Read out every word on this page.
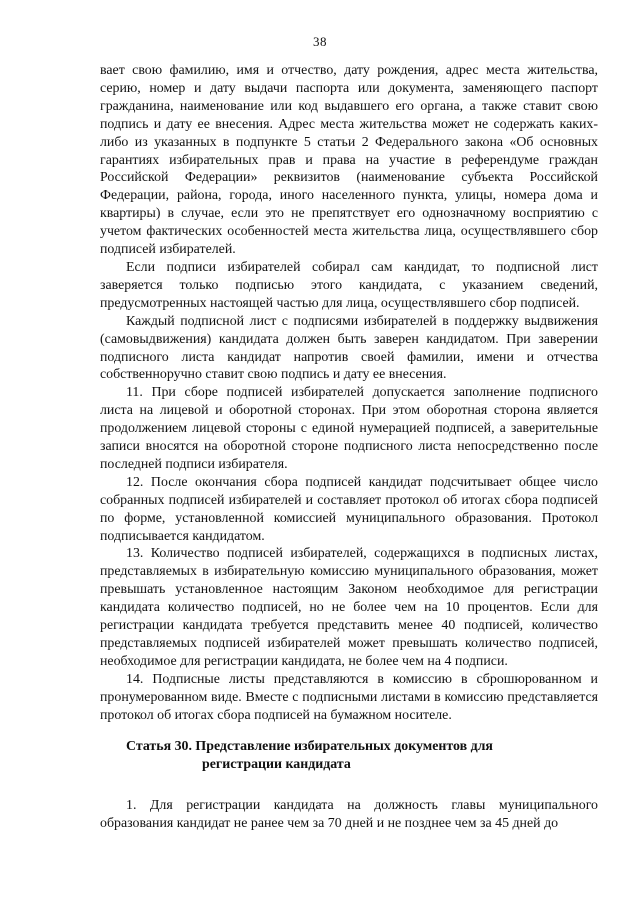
38

вает свою фамилию, имя и отчество, дату рождения, адрес места жительства, серию, номер и дату выдачи паспорта или документа, заменяющего паспорт гражданина, наименование или код выдавшего его органа, а также ставит свою подпись и дату ее внесения. Адрес места жительства может не содержать каких-либо из указанных в подпункте 5 статьи 2 Федерального закона «Об основных гарантиях избирательных прав и права на участие в референдуме граждан Российской Федерации» реквизитов (наименование субъекта Российской Федерации, района, города, иного населенного пункта, улицы, номера дома и квартиры) в случае, если это не препятствует его однозначному восприятию с учетом фактических особенностей места жительства лица, осуществлявшего сбор подписей избирателей.

Если подписи избирателей собирал сам кандидат, то подписной лист заверяется только подписью этого кандидата, с указанием сведений, предусмотренных настоящей частью для лица, осуществлявшего сбор подписей.

Каждый подписной лист с подписями избирателей в поддержку выдвижения (самовыдвижения) кандидата должен быть заверен кандидатом. При заверении подписного листа кандидат напротив своей фамилии, имени и отчества собственноручно ставит свою подпись и дату ее внесения.

11. При сборе подписей избирателей допускается заполнение подписного листа на лицевой и оборотной сторонах. При этом оборотная сторона является продолжением лицевой стороны с единой нумерацией подписей, а заверительные записи вносятся на оборотной стороне подписного листа непосредственно после последней подписи избирателя.

12. После окончания сбора подписей кандидат подсчитывает общее число собранных подписей избирателей и составляет протокол об итогах сбора подписей по форме, установленной комиссией муниципального образования. Протокол подписывается кандидатом.

13. Количество подписей избирателей, содержащихся в подписных листах, представляемых в избирательную комиссию муниципального образования, может превышать установленное настоящим Законом необходимое для регистрации кандидата количество подписей, но не более чем на 10 процентов. Если для регистрации кандидата требуется представить менее 40 подписей, количество представляемых подписей избирателей может превышать количество подписей, необходимое для регистрации кандидата, не более чем на 4 подписи.

14. Подписные листы представляются в комиссию в сброшюрованном и пронумерованном виде. Вместе с подписными листами в комиссию представляется протокол об итогах сбора подписей на бумажном носителе.

Статья 30. Представление избирательных документов для
регистрации кандидата

1. Для регистрации кандидата на должность главы муниципального образования кандидат не ранее чем за 70 дней и не позднее чем за 45 дней до
